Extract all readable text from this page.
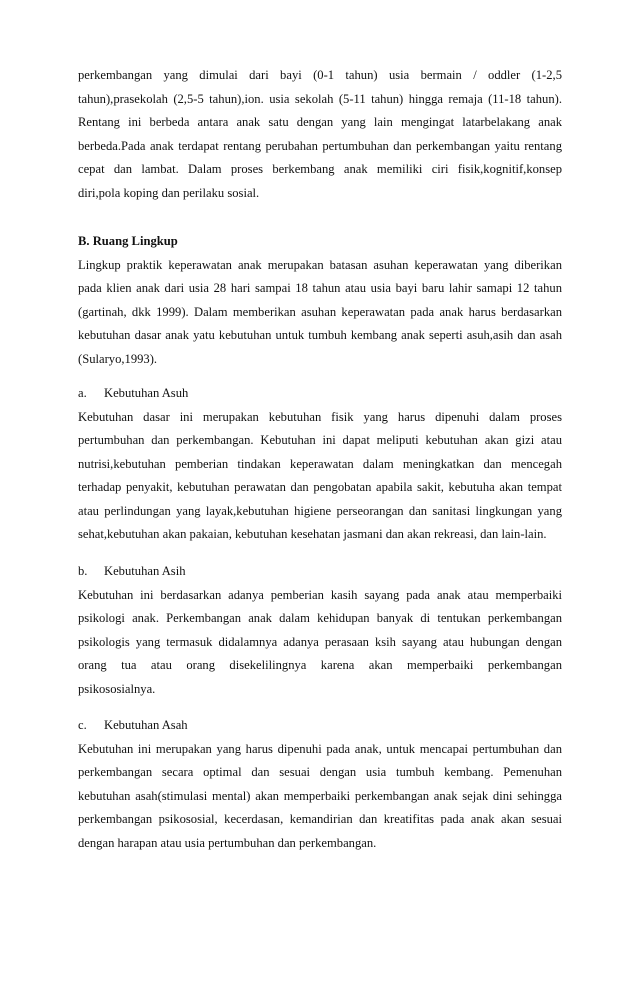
perkembangan yang dimulai dari bayi (0-1 tahun) usia bermain / oddler (1-2,5
tahun),prasekolah (2,5-5 tahun),ion. usia sekolah (5-11 tahun) hingga remaja (11-18 tahun).
Rentang ini berbeda antara anak satu dengan yang lain mengingat latarbelakang anak
berbeda.Pada anak terdapat rentang perubahan pertumbuhan dan perkembangan yaitu rentang
cepat dan lambat. Dalam proses berkembang anak memiliki ciri fisik,kognitif,konsep
diri,pola koping dan perilaku sosial.
B. Ruang Lingkup
Lingkup praktik keperawatan anak merupakan batasan asuhan keperawatan yang diberikan
pada klien anak dari usia 28 hari sampai 18 tahun atau usia bayi baru lahir samapi 12 tahun
(gartinah, dkk 1999). Dalam memberikan asuhan keperawatan pada anak harus berdasarkan
kebutuhan dasar anak yatu kebutuhan untuk tumbuh kembang anak seperti asuh,asih dan asah
(Sularyo,1993).
a. Kebutuhan Asuh
Kebutuhan dasar ini merupakan kebutuhan fisik yang harus dipenuhi dalam proses
pertumbuhan dan perkembangan. Kebutuhan ini dapat meliputi kebutuhan akan gizi atau
nutrisi,kebutuhan pemberian tindakan keperawatan dalam meningkatkan dan mencegah
terhadap penyakit, kebutuhan perawatan dan pengobatan apabila sakit, kebutuha akan tempat
atau perlindungan yang layak,kebutuhan higiene perseorangan dan sanitasi lingkungan yang
sehat,kebutuhan akan pakaian, kebutuhan kesehatan jasmani dan akan rekreasi, dan lain-lain.
b. Kebutuhan Asih
Kebutuhan ini berdasarkan adanya pemberian kasih sayang pada anak atau memperbaiki
psikologi anak. Perkembangan anak dalam kehidupan banyak di tentukan perkembangan
psikologis yang termasuk didalamnya adanya perasaan ksih sayang atau hubungan dengan
orang tua atau orang disekelilingnya karena akan memperbaiki perkembangan
psikososialnya.
c. Kebutuhan Asah
Kebutuhan ini merupakan yang harus dipenuhi pada anak, untuk mencapai pertumbuhan dan
perkembangan secara optimal dan sesuai dengan usia tumbuh kembang. Pemenuhan
kebutuhan asah(stimulasi mental) akan memperbaiki perkembangan anak sejak dini sehingga
perkembangan psikososial, kecerdasan, kemandirian dan kreatifitas pada anak akan sesuai
dengan harapan atau usia pertumbuhan dan perkembangan.
